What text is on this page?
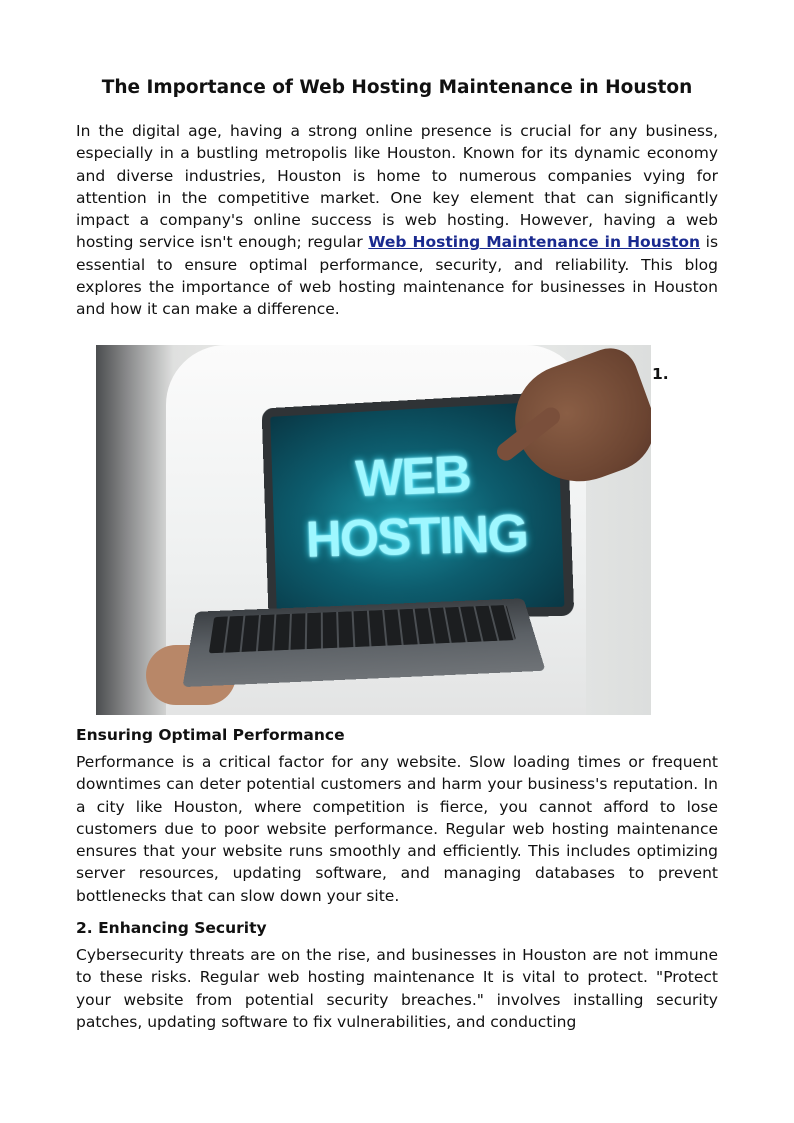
The Importance of Web Hosting Maintenance in Houston

In the digital age, having a strong online presence is crucial for any business, especially in a bustling metropolis like Houston. Known for its dynamic economy and diverse industries, Houston is home to numerous companies vying for attention in the competitive market. One key element that can significantly impact a company's online success is web hosting. However, having a web hosting service isn't enough; regular Web Hosting Maintenance in Houston is essential to ensure optimal performance, security, and reliability. This blog explores the importance of web hosting maintenance for businesses in Houston and how it can make a difference.

WEB
HOSTING

1.

Ensuring Optimal Performance

Performance is a critical factor for any website. Slow loading times or frequent downtimes can deter potential customers and harm your business's reputation. In a city like Houston, where competition is fierce, you cannot afford to lose customers due to poor website performance. Regular web hosting maintenance ensures that your website runs smoothly and efficiently. This includes optimizing server resources, updating software, and managing databases to prevent bottlenecks that can slow down your site.

2. Enhancing Security

Cybersecurity threats are on the rise, and businesses in Houston are not immune to these risks. Regular web hosting maintenance It is vital to protect. "Protect your website from potential security breaches." involves installing security patches, updating software to fix vulnerabilities, and conducting
